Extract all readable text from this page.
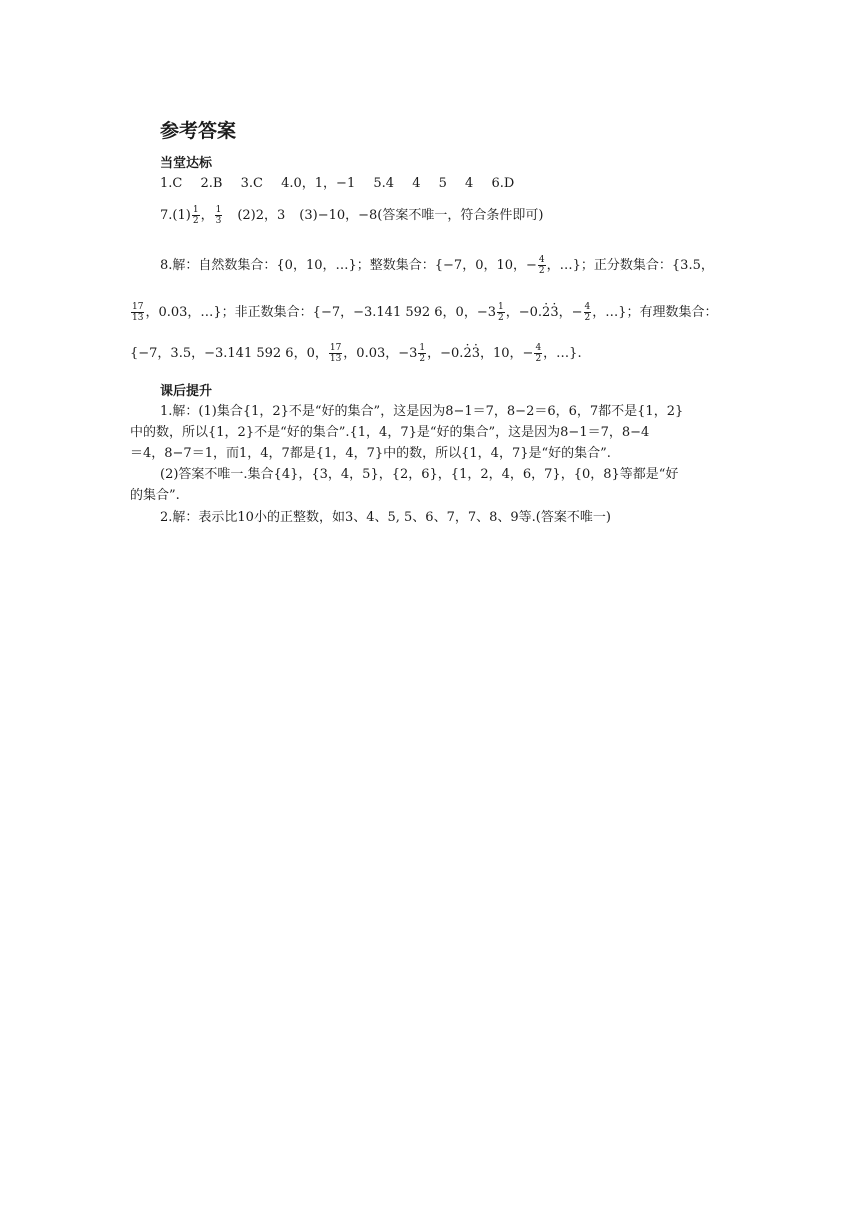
参考答案
当堂达标
1.C 2.B 3.C 4.0，1，−1 5.4 4 5 4 6.D
$7.(1) \frac{1}{2}$ ， $\frac{1}{3} (2)2$，3 (3)−10，−8(答案不唯一，符合条件即可)
8.解：自然数集合：{0，10，…}；整数集合：{−7，0，10，− $\frac{4}{2}$ ，…}；正分数集合：{3.5，
$\frac{17}{13}$ ，0.03，…}；非正数集合：{−7，−3.141 592 6，0，$-3 \frac{1}{2}$ ，−0.2 ·3 ·，− $\frac{4}{2}$ ，…}；有理数集合：
{−7，3.5，−3.141 592 6，0， $\frac{17}{13}$ ，0.03，$-3 \frac{1}{2}$ ，−0.2 ·3 ·，10，− $\frac{4}{2}$ ，…}.
课后提升
1.解：(1)集合{1，2}不是“好的集合”，这是因为8−1＝7，8−2＝6，6，7都不是{1，2}
中的数，所以{1，2}不是“好的集合”.{1，4，7}是“好的集合”，这是因为8−1＝7，8−4
＝4，8−7＝1，而1，4，7都是{1，4，7}中的数，所以{1，4，7}是“好的集合”.
(2)答案不唯一.集合{4}，{3，4，5}，{2，6}，{1，2，4，6，7}，{0，8}等都是“好
的集合”.
2.解：表示比10小的正整数，如3、4、5, 5、6、7，7、8、9等.(答案不唯一)
